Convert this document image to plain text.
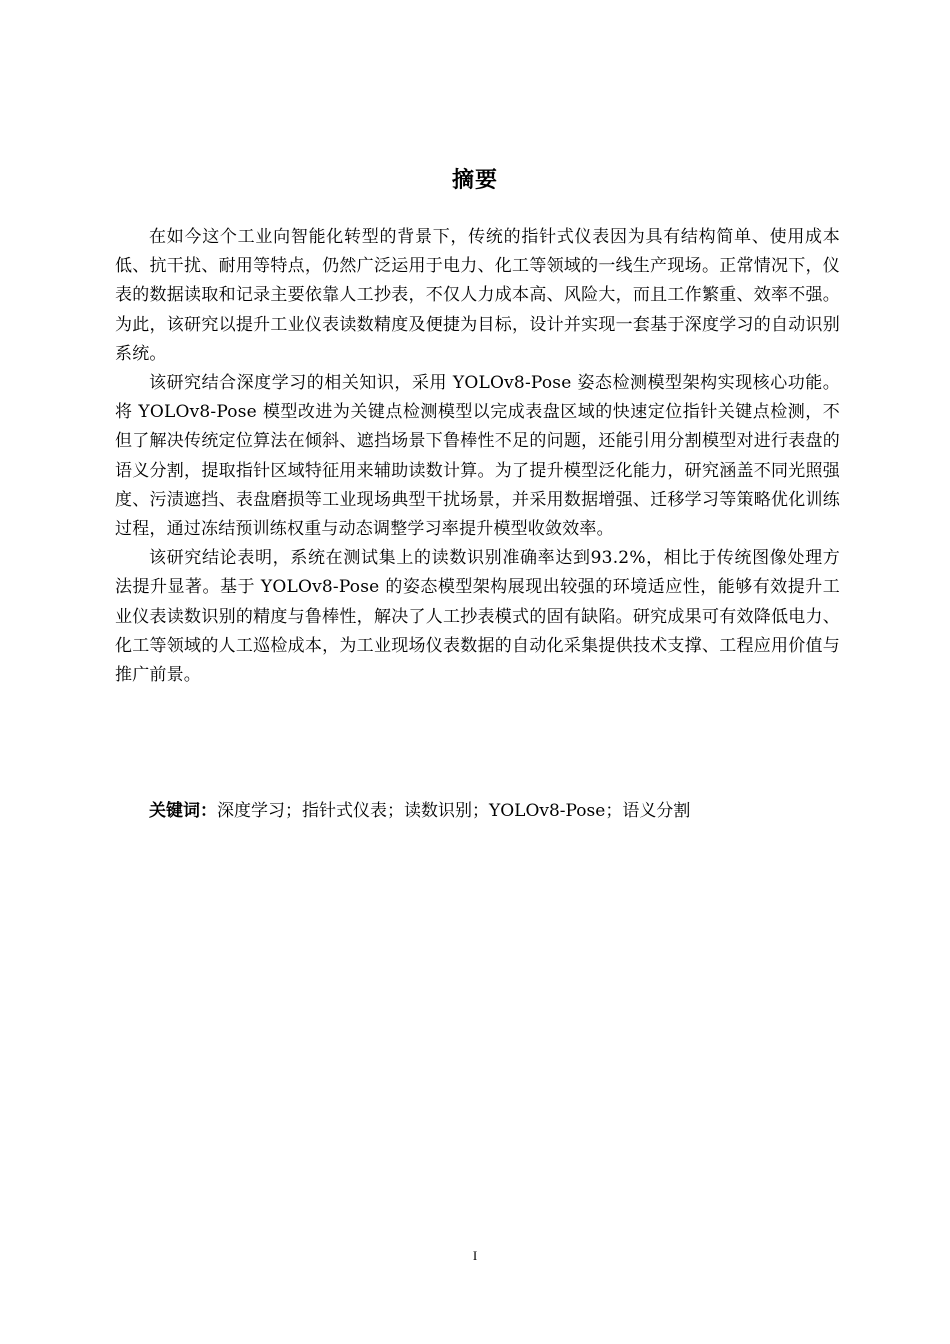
摘要

在如今这个工业向智能化转型的背景下，传统的指针式仪表因为具有结构简单、使用成本低、抗干扰、耐用等特点，仍然广泛运用于电力、化工等领域的一线生产现场。正常情况下，仪表的数据读取和记录主要依靠人工抄表，不仅人力成本高、风险大，而且工作繁重、效率不强。为此，该研究以提升工业仪表读数精度及便捷为目标，设计并实现一套基于深度学习的自动识别系统。

该研究结合深度学习的相关知识，采用 YOLOv8-Pose 姿态检测模型架构实现核心功能。将 YOLOv8-Pose 模型改进为关键点检测模型以完成表盘区域的快速定位指针关键点检测，不但了解决传统定位算法在倾斜、遮挡场景下鲁棒性不足的问题，还能引用分割模型对进行表盘的语义分割，提取指针区域特征用来辅助读数计算。为了提升模型泛化能力，研究涵盖不同光照强度、污渍遮挡、表盘磨损等工业现场典型干扰场景，并采用数据增强、迁移学习等策略优化训练过程，通过冻结预训练权重与动态调整学习率提升模型收敛效率。

该研究结论表明，系统在测试集上的读数识别准确率达到93.2%，相比于传统图像处理方法提升显著。基于 YOLOv8-Pose 的姿态模型架构展现出较强的环境适应性，能够有效提升工业仪表读数识别的精度与鲁棒性，解决了人工抄表模式的固有缺陷。研究成果可有效降低电力、化工等领域的人工巡检成本，为工业现场仪表数据的自动化采集提供技术支撑、工程应用价值与推广前景。

关键词：深度学习；指针式仪表；读数识别；YOLOv8-Pose；语义分割
I
